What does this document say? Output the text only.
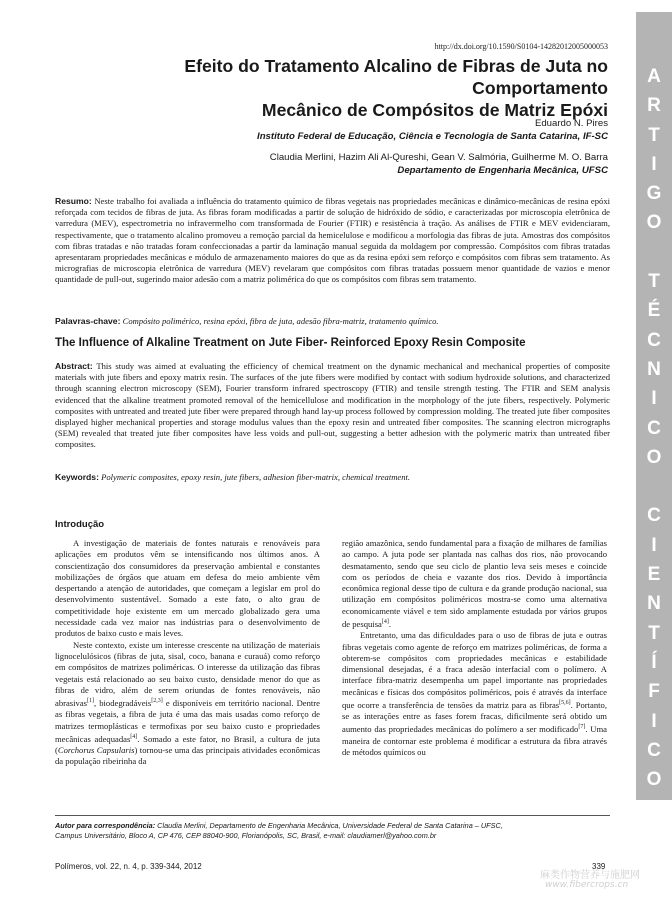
A
R
T
I
G
O
T
É
C
N
I
C
O
C
I
E
N
T
Í
F
I
C
O
http://dx.doi.org/10.1590/S0104-14282012005000053
Efeito do Tratamento Alcalino de Fibras de Juta no Comportamento
Mecânico de Compósitos de Matriz Epóxi
Eduardo N. Pires
Instituto Federal de Educação, Ciência e Tecnologia de Santa Catarina, IF-SC
Claudia Merlini, Hazim Ali Al-Qureshi, Gean V. Salmória, Guilherme M. O. Barra
Departamento de Engenharia Mecânica, UFSC
Resumo: Neste trabalho foi avaliada a influência do tratamento químico de fibras vegetais nas propriedades mecânicas e dinâmico-mecânicas de resina epóxi reforçada com tecidos de fibras de juta. As fibras foram modificadas a partir de solução de hidróxido de sódio, e caracterizadas por microscopia eletrônica de varredura (MEV), espectrometria no infravermelho com transformada de Fourier (FTIR) e resistência à tração. As análises de FTIR e MEV evidenciaram, respectivamente, que o tratamento alcalino promoveu a remoção parcial da hemicelulose e modificou a morfologia das fibras de juta. Amostras dos compósitos com fibras tratadas e não tratadas foram confeccionadas a partir da laminação manual seguida da moldagem por compressão. Compósitos com fibras tratadas apresentaram propriedades mecânicas e módulo de armazenamento maiores do que as da resina epóxi sem reforço e compósitos com fibras sem tratamento. As micrografias de microscopia eletrônica de varredura (MEV) revelaram que compósitos com fibras tratadas possuem menor quantidade de vazios e menor quantidade de pull-out, sugerindo maior adesão com a matriz polimérica do que os compósitos com fibras sem tratamento.
Palavras-chave: Compósito polimérico, resina epóxi, fibra de juta, adesão fibra-matriz, tratamento químico.
The Influence of Alkaline Treatment on Jute Fiber- Reinforced Epoxy Resin Composite
Abstract: This study was aimed at evaluating the efficiency of chemical treatment on the dynamic mechanical and mechanical properties of composite materials with jute fibers and epoxy matrix resin. The surfaces of the jute fibers were modified by contact with sodium hydroxide solutions, and characterized through scanning electron microscopy (SEM), Fourier transform infrared spectroscopy (FTIR) and tensile strength testing. The FTIR and SEM analysis evidenced that the alkaline treatment promoted removal of the hemicellulose and modification in the morphology of the jute fibers, respectively. Polymeric composites with untreated and treated jute fiber were prepared through hand lay-up process followed by compression molding. The treated jute fiber composites displayed higher mechanical properties and storage modulus values than the epoxy resin and untreated fiber composites. The scanning electron micrographs (SEM) revealed that treated jute fiber composites have less voids and pull-out, suggesting a better adhesion with the polymeric matrix than untreated fiber composites.
Keywords: Polymeric composites, epoxy resin, jute fibers, adhesion fiber-matrix, chemical treatment.
Introdução

A investigação de materiais de fontes naturais e renováveis para aplicações em produtos vêm se intensificando nos últimos anos. A conscientização dos consumidores da preservação ambiental e constantes mobilizações de órgãos que atuam em defesa do meio ambiente vêm despertando a atenção de autoridades, que começam a legislar em prol do desenvolvimento sustentável. Somado a este fato, o alto grau de competitividade hoje existente em um mercado globalizado gera uma necessidade cada vez maior nas indústrias para o desenvolvimento de produtos de baixo custo e mais leves.

Neste contexto, existe um interesse crescente na utilização de materiais lignocelulósicos (fibras de juta, sisal, coco, banana e curauá) como reforço em compósitos de matrizes poliméricas. O interesse da utilização das fibras vegetais está relacionado ao seu baixo custo, densidade menor do que as fibras de vidro, além de serem oriundas de fontes renováveis, não abrasivas[1], biodegradáveis[2,3] e disponíveis em território nacional. Dentre as fibras vegetais, a fibra de juta é uma das mais usadas como reforço de matrizes termoplásticas e termofixas por seu baixo custo e propriedades mecânicas adequadas[4]. Somado a este fator, no Brasil, a cultura de juta (Corchorus Capsularis) tornou-se uma das principais atividades econômicas da população ribeirinha da

região amazônica, sendo fundamental para a fixação de milhares de famílias ao campo. A juta pode ser plantada nas calhas dos rios, não provocando desmatamento, sendo que seu ciclo de plantio leva seis meses e coincide com os períodos de cheia e vazante dos rios. Devido à importância econômica regional desse tipo de cultura e da grande produção nacional, sua utilização em compósitos poliméricos mostra-se como uma alternativa economicamente viável e tem sido amplamente estudada por vários grupos de pesquisa[4].

Entretanto, uma das dificuldades para o uso de fibras de juta e outras fibras vegetais como agente de reforço em matrizes poliméricas, de forma a obterem-se compósitos com propriedades mecânicas e estabilidade dimensional desejadas, é a fraca adesão interfacial com o polímero. A interface fibra-matriz desempenha um papel importante nas propriedades mecânicas e físicas dos compósitos poliméricos, pois é através da interface que ocorre a transferência de tensões da matriz para as fibras[5,6]. Portanto, se as interações entre as fases forem fracas, dificilmente será obtido um aumento das propriedades mecânicas do polímero a ser modificado[7]. Uma maneira de contornar este problema é modificar a estrutura da fibra através de métodos químicos ou

Autor para correspondência: Claudia Merlini, Departamento de Engenharia Mecânica, Universidade Federal de Santa Catarina – UFSC,
Campus Universitário, Bloco A, CP 476, CEP 88040-900, Florianópolis, SC, Brasil, e-mail: claudiamerl@yahoo.com.br
Polímeros, vol. 22, n. 4, p. 339-344, 2012	339
麻类作物营养与施肥网
www.fibercrops.cn
